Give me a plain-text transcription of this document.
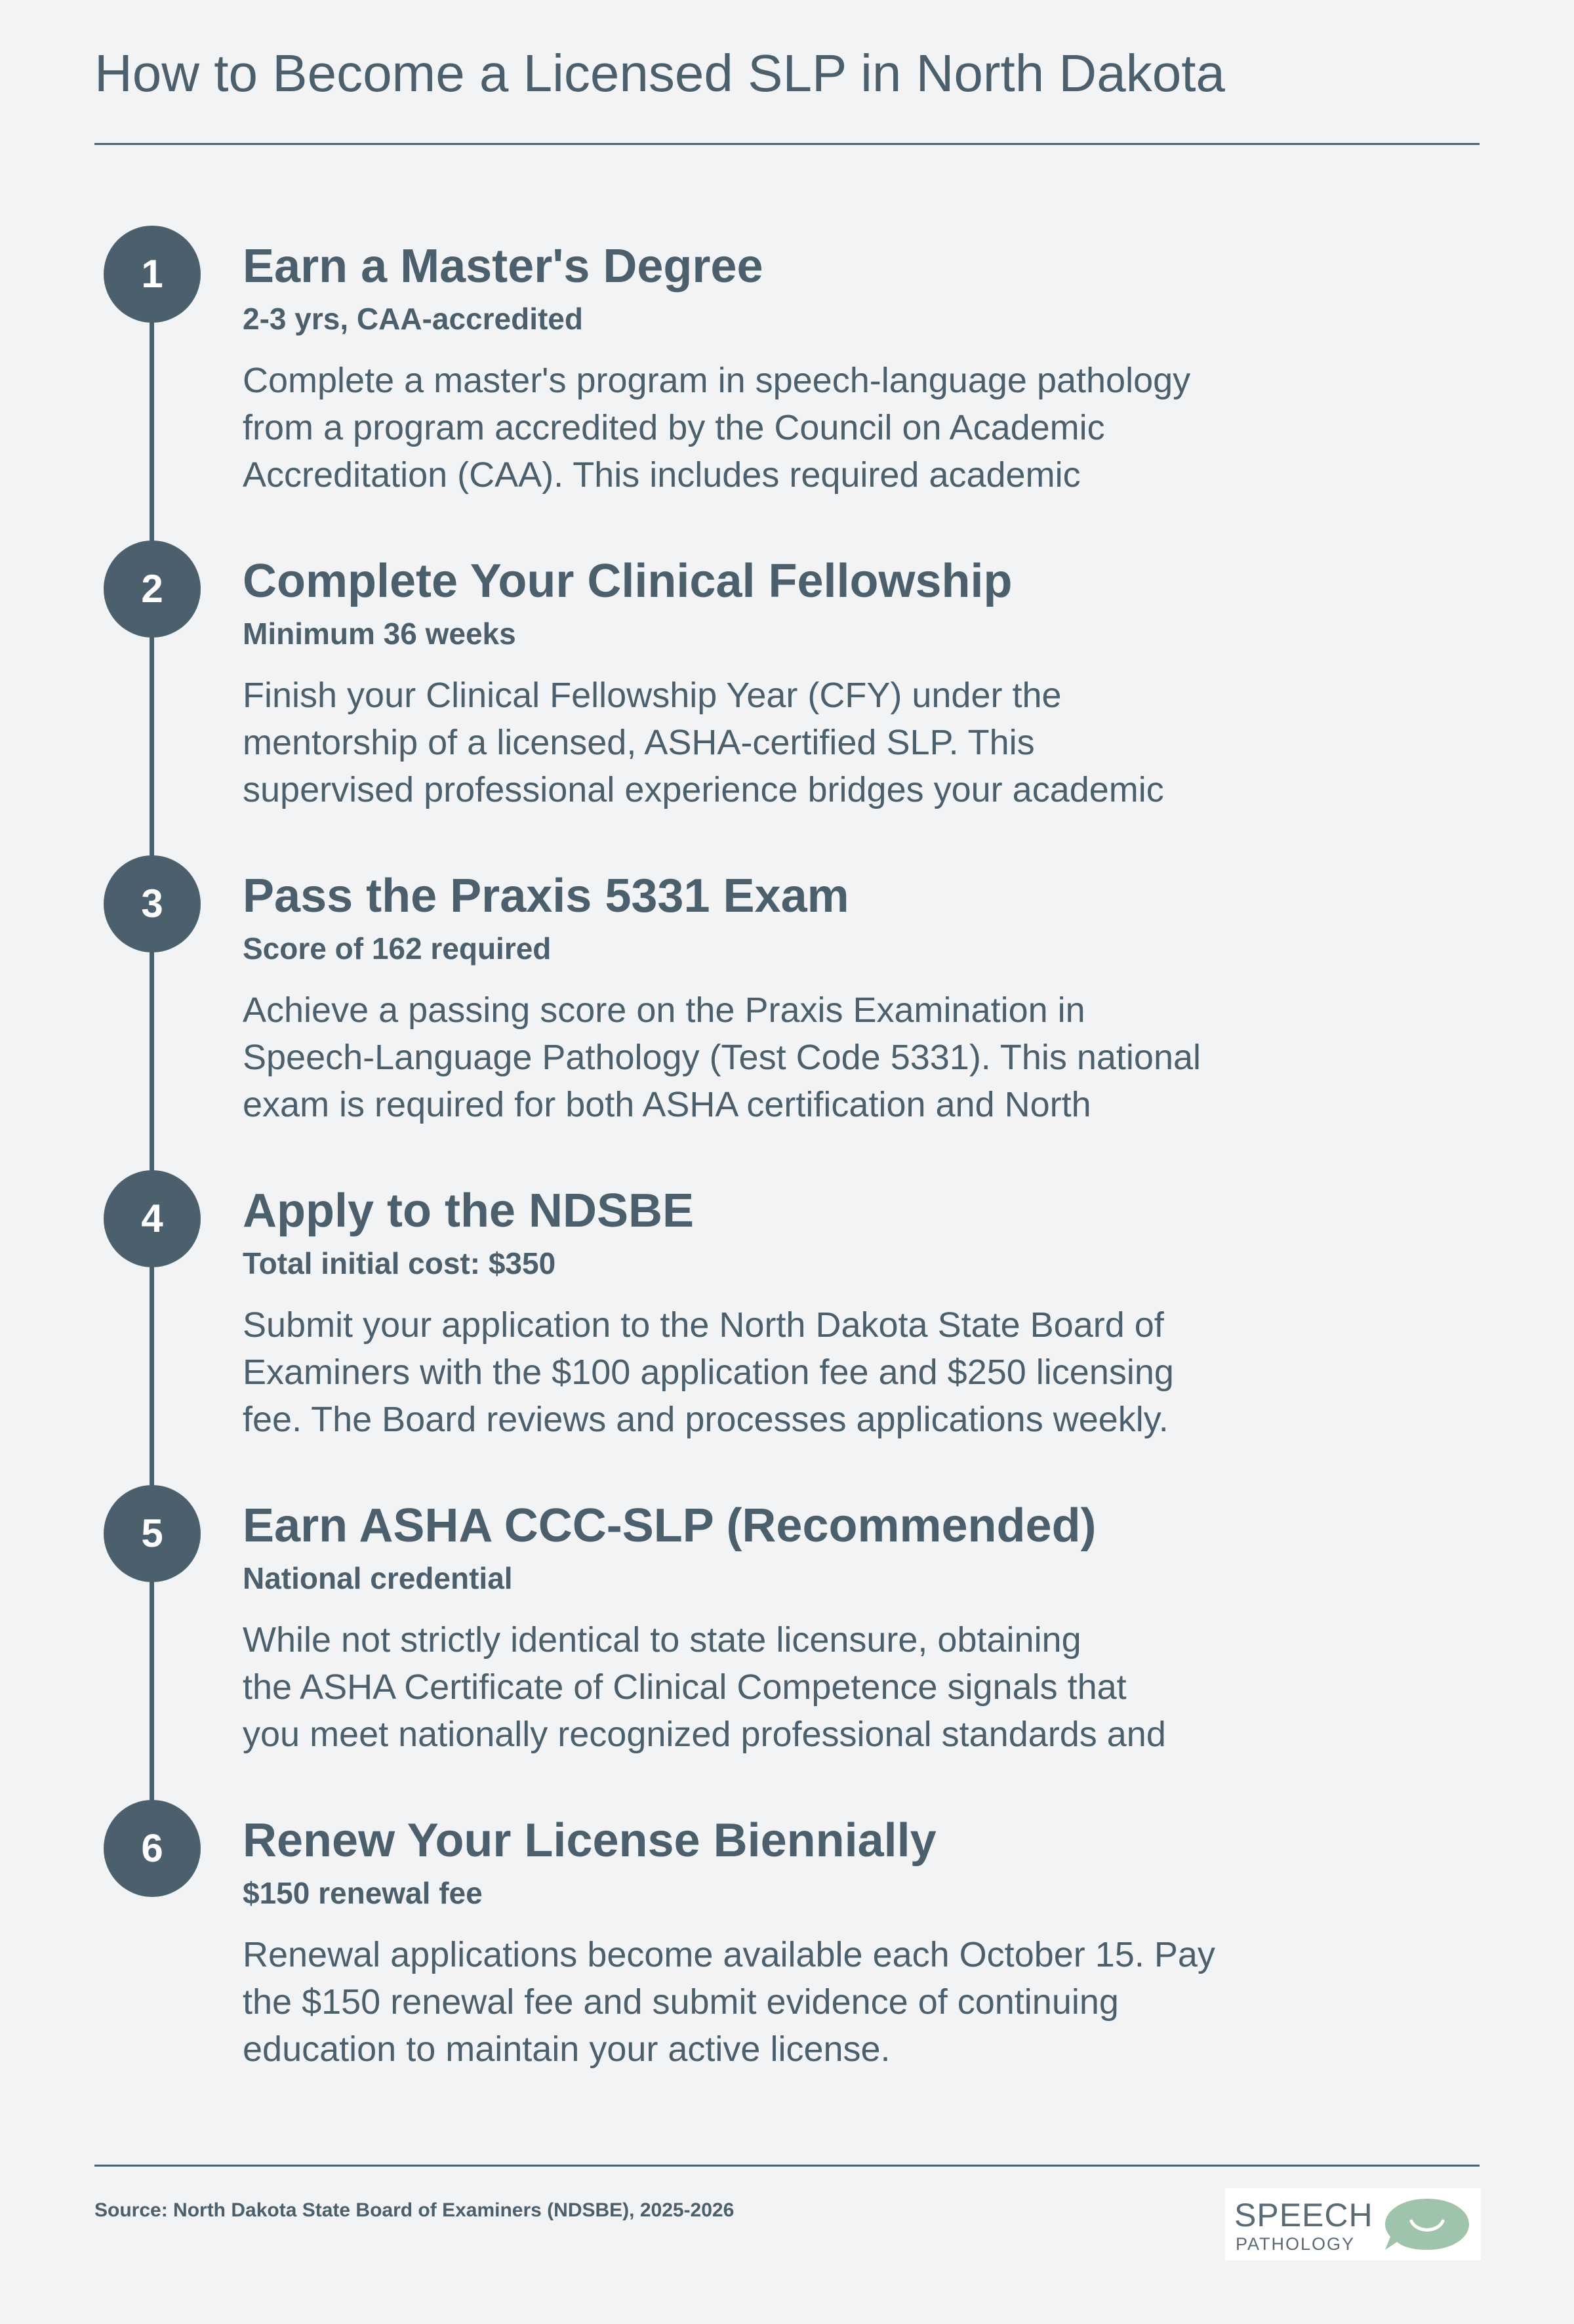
How to Become a Licensed SLP in North Dakota
1	Earn a Master's Degree
2-3 yrs, CAA-accredited
Complete a master's program in speech-language pathology
from a program accredited by the Council on Academic
Accreditation (CAA). This includes required academic
2	Complete Your Clinical Fellowship
Minimum 36 weeks
Finish your Clinical Fellowship Year (CFY) under the
mentorship of a licensed, ASHA-certified SLP. This
supervised professional experience bridges your academic
3	Pass the Praxis 5331 Exam
Score of 162 required
Achieve a passing score on the Praxis Examination in
Speech-Language Pathology (Test Code 5331). This national
exam is required for both ASHA certification and North
4	Apply to the NDSBE
Total initial cost: $350
Submit your application to the North Dakota State Board of
Examiners with the $100 application fee and $250 licensing
fee. The Board reviews and processes applications weekly.
5	Earn ASHA CCC-SLP (Recommended)
National credential
While not strictly identical to state licensure, obtaining
the ASHA Certificate of Clinical Competence signals that
you meet nationally recognized professional standards and
6	Renew Your License Biennially
$150 renewal fee
Renewal applications become available each October 15. Pay
the $150 renewal fee and submit evidence of continuing
education to maintain your active license.
Source: North Dakota State Board of Examiners (NDSBE), 2025-2026	SPEECH
PATHOLOGY
